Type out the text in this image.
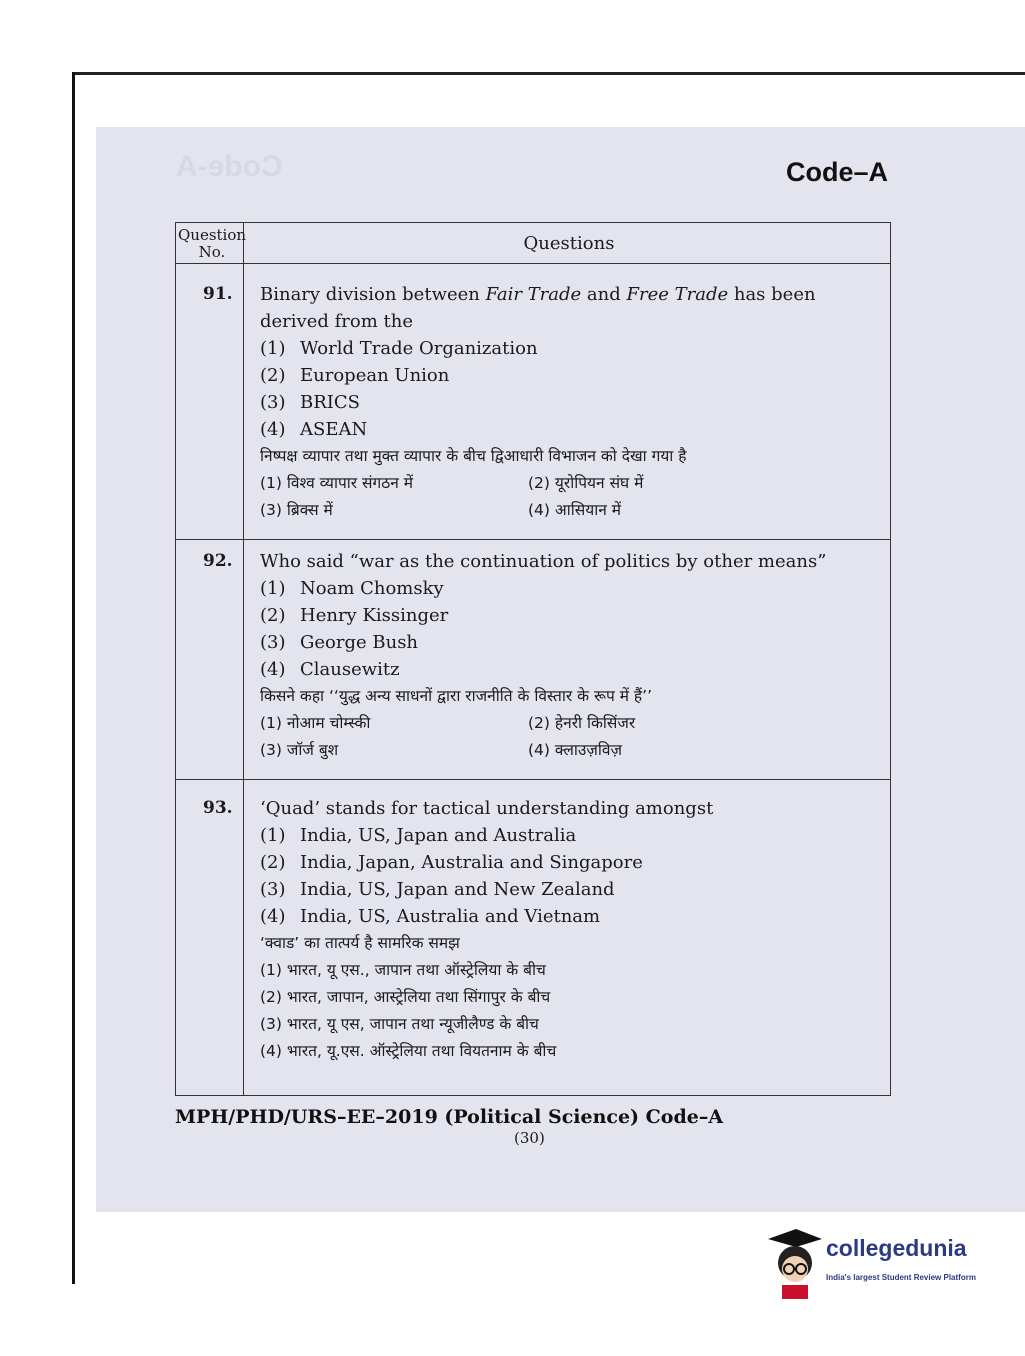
Code-A	Code–A
Question No.	Questions
91. Binary division between Fair Trade and Free Trade has been derived from the
(1) World Trade Organization
(2) European Union
(3) BRICS
(4) ASEAN
निष्पक्ष व्यापार तथा मुक्त व्यापार के बीच द्विआधारी विभाजन को देखा गया है
(1) विश्व व्यापार संगठन में	(2) यूरोपियन संघ में
(3) ब्रिक्स में	(4) आसियान में
92. Who said “war as the continuation of politics by other means”
(1) Noam Chomsky
(2) Henry Kissinger
(3) George Bush
(4) Clausewitz
किसने कहा ‘‘युद्ध अन्य साधनों द्वारा राजनीति के विस्तार के रूप में हैं’’
(1) नोआम चोम्स्की	(2) हेनरी किसिंजर
(3) जॉर्ज बुश	(4) क्लाउज़विज़
93. ‘Quad’ stands for tactical understanding amongst
(1) India, US, Japan and Australia
(2) India, Japan, Australia and Singapore
(3) India, US, Japan and New Zealand
(4) India, US, Australia and Vietnam
‘क्वाड’ का तात्पर्य है सामरिक समझ
(1) भारत, यू एस., जापान तथा ऑस्ट्रेलिया के बीच
(2) भारत, जापान, आस्ट्रेलिया तथा सिंगापुर के बीच
(3) भारत, यू एस, जापान तथा न्यूजीलैण्ड के बीच
(4) भारत, यू.एस. ऑस्ट्रेलिया तथा वियतनाम के बीच
MPH/PHD/URS–EE–2019 (Political Science) Code–A
(30)
collegedunia
India's largest Student Review Platform
